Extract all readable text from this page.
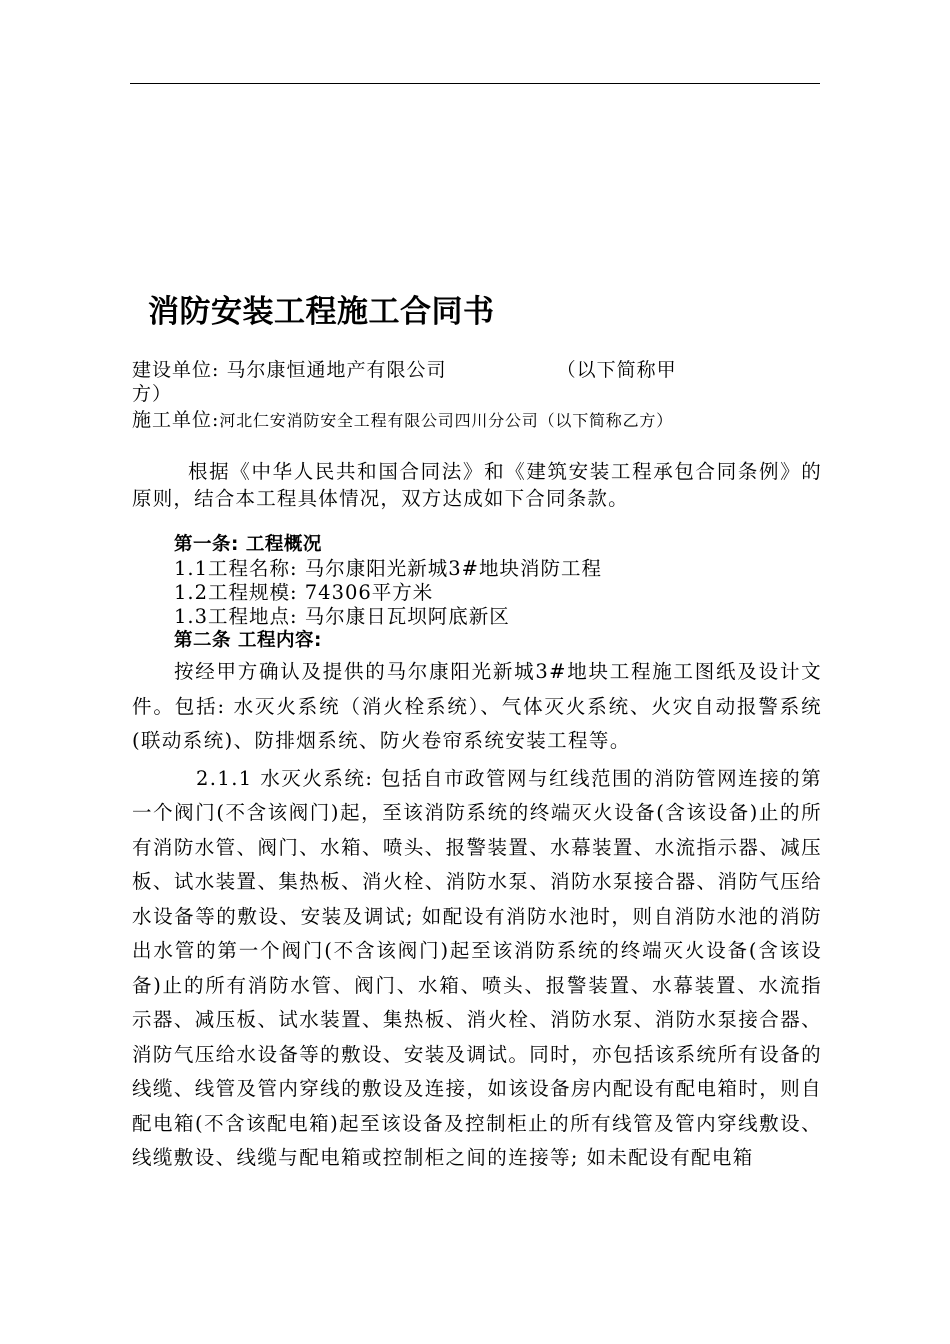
消防安装工程施工合同书
建设单位: 马尔康恒通地产有限公司	（以下简称甲
方）
施工单位:河北仁安消防安全工程有限公司四川分公司（以下简称乙方）

根据《中华人民共和国合同法》和《建筑安装工程承包合同条例》的原则，结合本工程具体情况，双方达成如下合同条款。

第一条: 工程概况
1.1工程名称: 马尔康阳光新城3#地块消防工程
1.2工程规模: 74306平方米
1.3工程地点: 马尔康日瓦坝阿底新区
第二条 工程内容:

按经甲方确认及提供的马尔康阳光新城3#地块工程施工图纸及设计文件。包括: 水灭火系统（消火栓系统）、气体灭火系统、火灾自动报警系统(联动系统)、防排烟系统、防火卷帘系统安装工程等。

2.1.1 水灭火系统: 包括自市政管网与红线范围的消防管网连接的第一个阀门(不含该阀门)起，至该消防系统的终端灭火设备(含该设备)止的所有消防水管、阀门、水箱、喷头、报警装置、水幕装置、水流指示器、减压板、试水装置、集热板、消火栓、消防水泵、消防水泵接合器、消防气压给水设备等的敷设、安装及调试; 如配设有消防水池时，则自消防水池的消防出水管的第一个阀门(不含该阀门)起至该消防系统的终端灭火设备(含该设备)止的所有消防水管、阀门、水箱、喷头、报警装置、水幕装置、水流指示器、减压板、试水装置、集热板、消火栓、消防水泵、消防水泵接合器、消防气压给水设备等的敷设、安装及调试。同时，亦包括该系统所有设备的线缆、线管及管内穿线的敷设及连接，如该设备房内配设有配电箱时，则自配电箱(不含该配电箱)起至该设备及控制柜止的所有线管及管内穿线敷设、线缆敷设、线缆与配电箱或控制柜之间的连接等; 如未配设有配电箱
